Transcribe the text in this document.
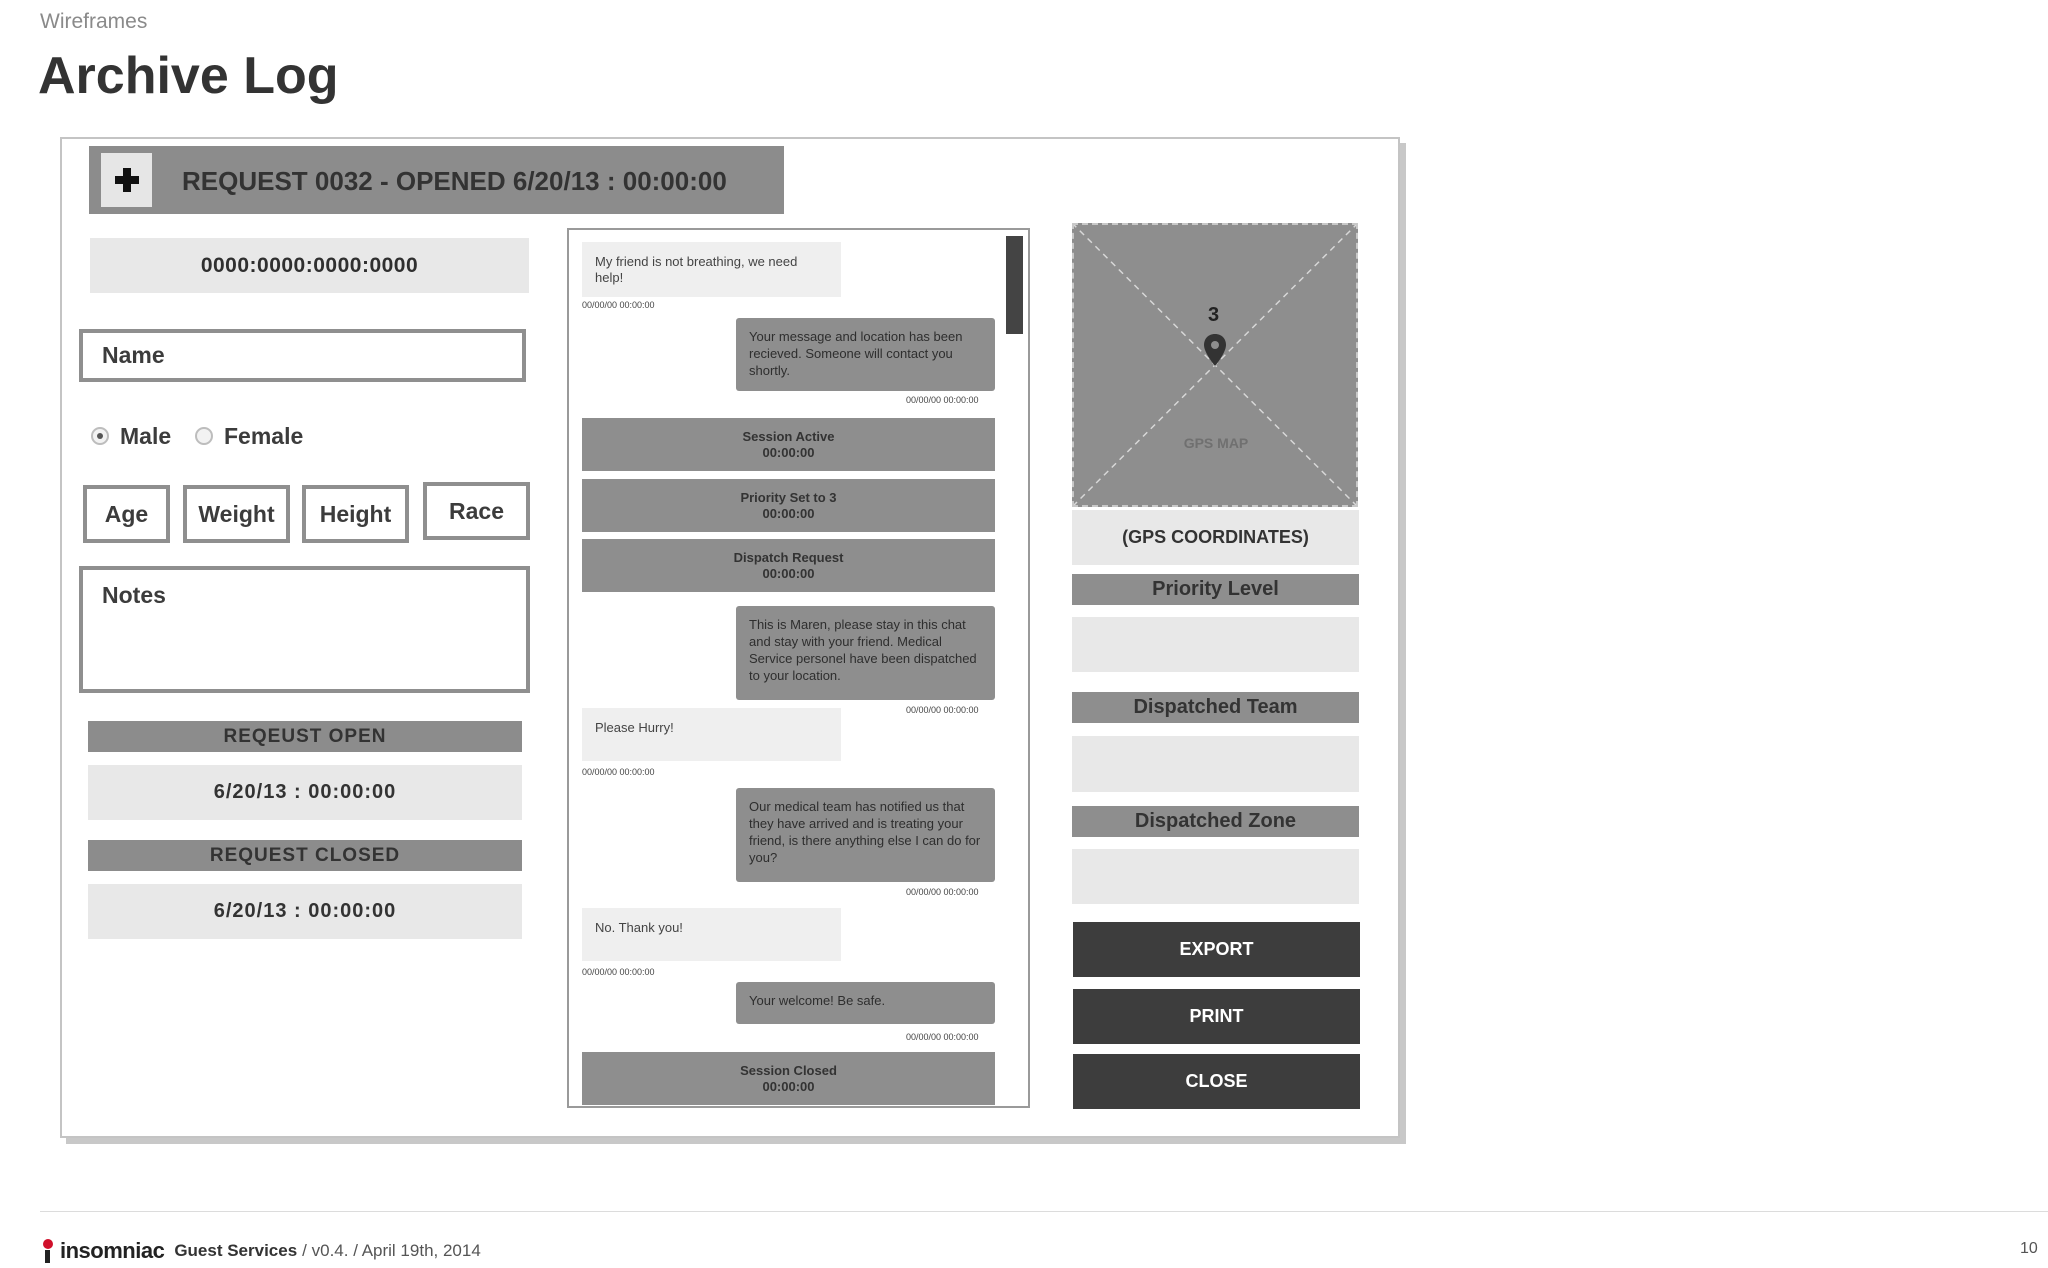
Wireframes
Archive Log
REQUEST 0032 - OPENED 6/20/13 : 00:00:00
0000:0000:0000:0000
Name
Male Female
Age	Weight	Height	Race
Notes
REQEUST OPEN
6/20/13 : 00:00:00
REQUEST CLOSED
6/20/13 : 00:00:00
My friend is not breathing, we need help!
00/00/00 00:00:00
Your message and location has been recieved. Someone will contact you shortly.
00/00/00 00:00:00
Session Active
00:00:00
Priority Set to 3
00:00:00
Dispatch Request
00:00:00
This is Maren, please stay in this chat and stay with your friend. Medical Service personel have been dispatched to your location.
00/00/00 00:00:00
Please Hurry!
00/00/00 00:00:00
Our medical team has notified us that they have arrived and is treating your friend, is there anything else I can do for you?
00/00/00 00:00:00
No. Thank you!
00/00/00 00:00:00
Your welcome! Be safe.
00/00/00 00:00:00
Session Closed
00:00:00
3
GPS MAP
(GPS COORDINATES)
Priority Level
Dispatched Team
Dispatched Zone
EXPORT
PRINT
CLOSE
insomniac Guest Services / v0.4. / April 19th, 2014	10
